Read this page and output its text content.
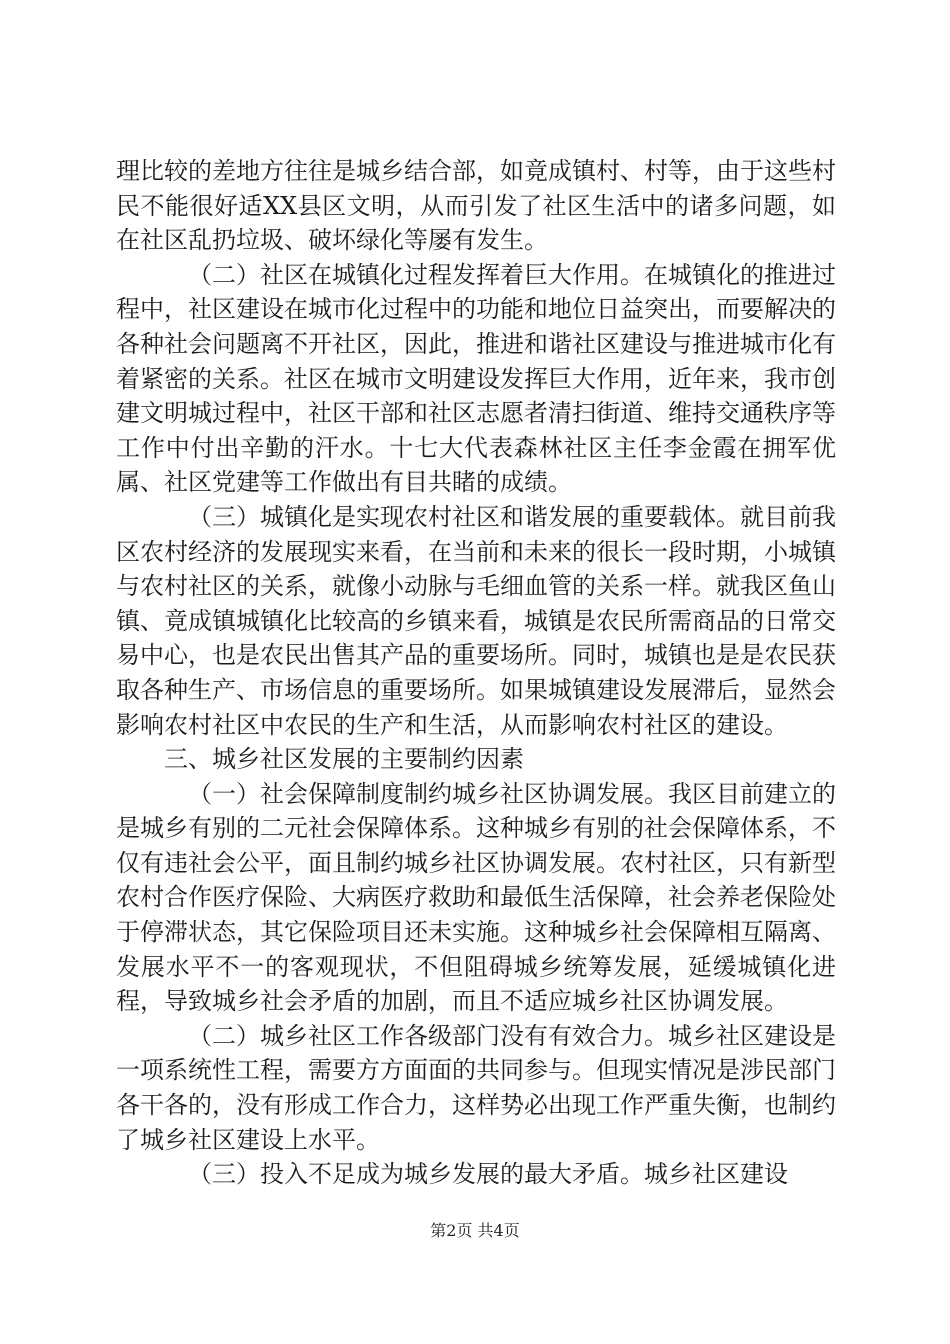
理比较的差地方往往是城乡结合部，如竟成镇村、村等，由于这些村民不能很好适XX县区文明，从而引发了社区生活中的诸多问题，如在社区乱扔垃圾、破坏绿化等屡有发生。

（二）社区在城镇化过程发挥着巨大作用。在城镇化的推进过程中，社区建设在城市化过程中的功能和地位日益突出，而要解决的各种社会问题离不开社区，因此，推进和谐社区建设与推进城市化有着紧密的关系。社区在城市文明建设发挥巨大作用，近年来，我市创建文明城过程中，社区干部和社区志愿者清扫街道、维持交通秩序等工作中付出辛勤的汗水。十七大代表森林社区主任李金霞在拥军优属、社区党建等工作做出有目共睹的成绩。

（三）城镇化是实现农村社区和谐发展的重要载体。就目前我区农村经济的发展现实来看，在当前和未来的很长一段时期，小城镇与农村社区的关系，就像小动脉与毛细血管的关系一样。就我区鱼山镇、竟成镇城镇化比较高的乡镇来看，城镇是农民所需商品的日常交易中心，也是农民出售其产品的重要场所。同时，城镇也是是农民获取各种生产、市场信息的重要场所。如果城镇建设发展滞后，显然会影响农村社区中农民的生产和生活，从而影响农村社区的建设。

三、城乡社区发展的主要制约因素

（一）社会保障制度制约城乡社区协调发展。我区目前建立的是城乡有别的二元社会保障体系。这种城乡有别的社会保障体系，不仅有违社会公平，面且制约城乡社区协调发展。农村社区，只有新型农村合作医疗保险、大病医疗救助和最低生活保障，社会养老保险处于停滞状态，其它保险项目还未实施。这种城乡社会保障相互隔离、发展水平不一的客观现状，不但阻碍城乡统筹发展，延缓城镇化进程，导致城乡社会矛盾的加剧，而且不适应城乡社区协调发展。

（二）城乡社区工作各级部门没有有效合力。城乡社区建设是一项系统性工程，需要方方面面的共同参与。但现实情况是涉民部门各干各的，没有形成工作合力，这样势必出现工作严重失衡，也制约了城乡社区建设上水平。

（三）投入不足成为城乡发展的最大矛盾。城乡社区建设

第2页 共4页
